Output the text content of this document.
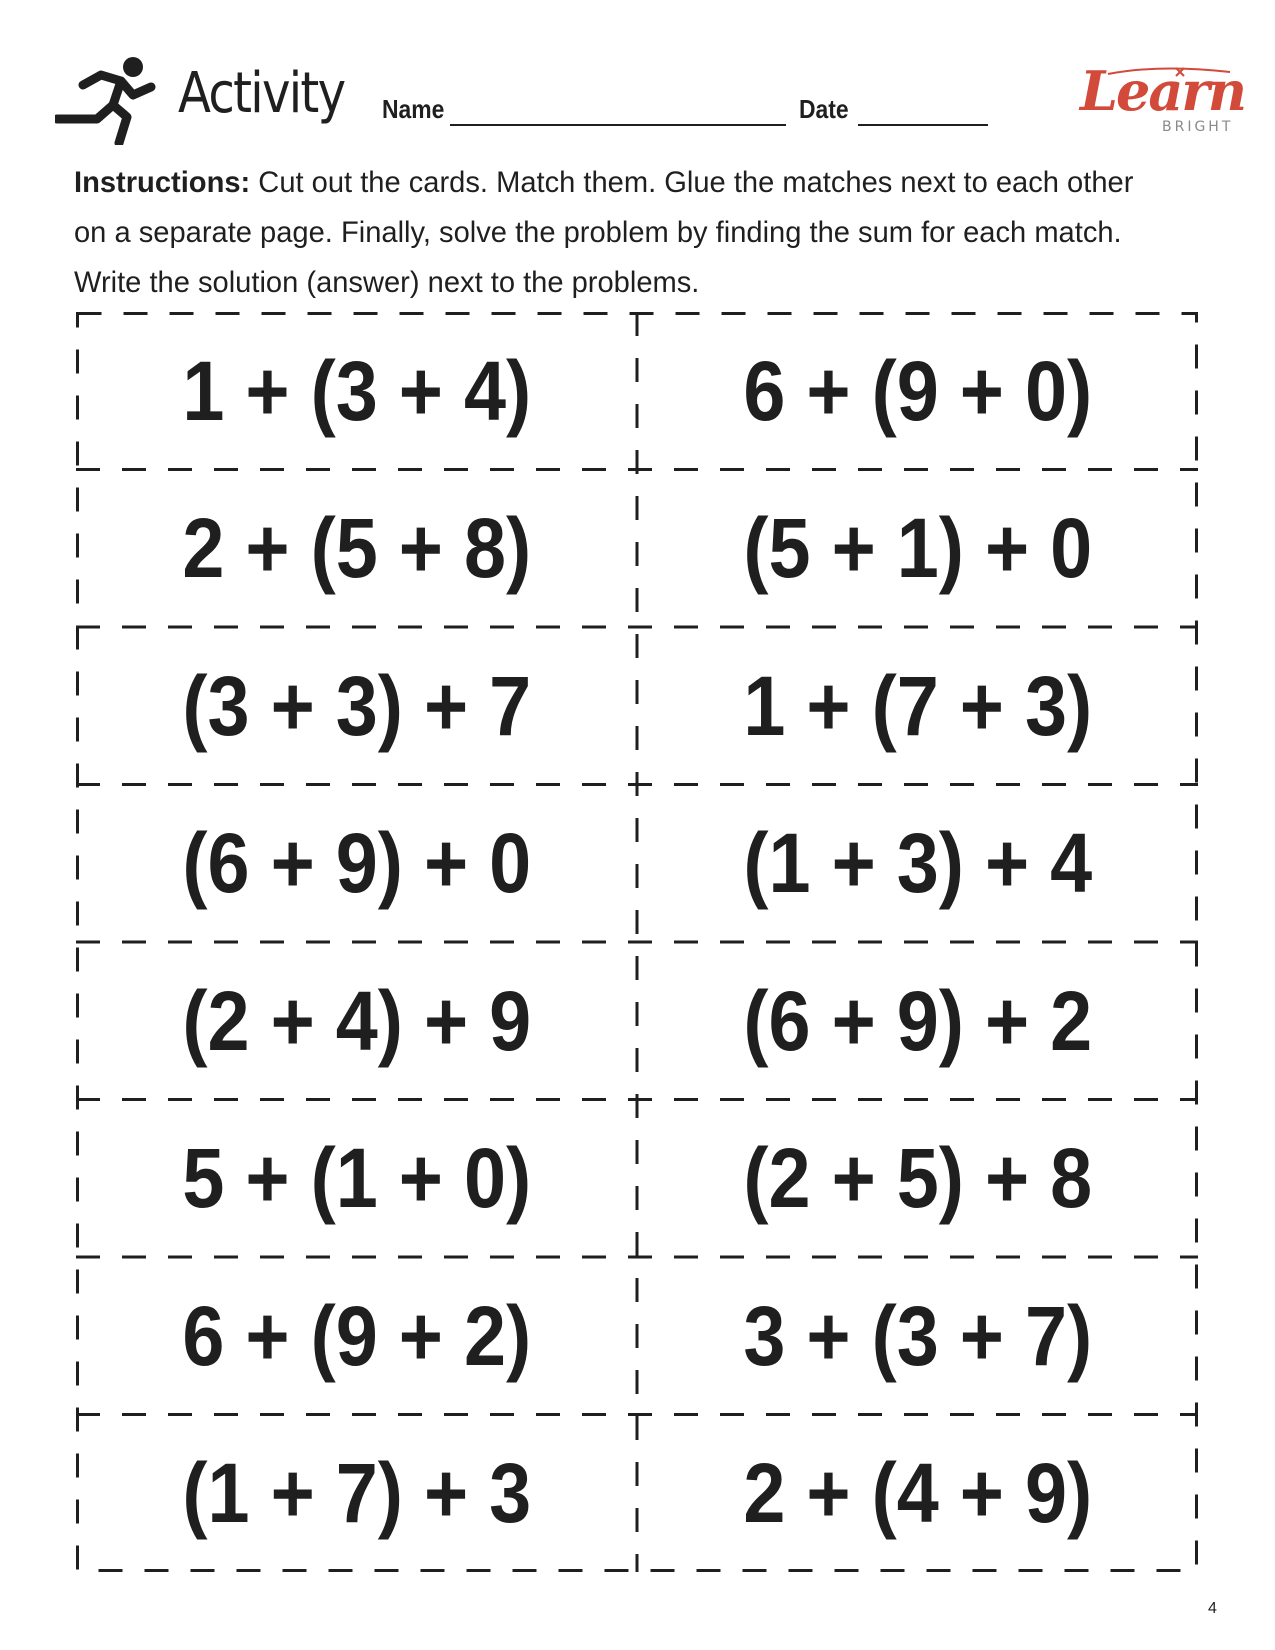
Activity Name	Date	Learn
BRIGHT
Instructions: Cut out the cards. Match them. Glue the matches next to each other on a separate page. Finally, solve the problem by finding the sum for each match. Write the solution (answer) next to the problems.
1 + (3 + 4)	6 + (9 + 0)
2 + (5 + 8)	(5 + 1) + 0
(3 + 3) + 7	1 + (7 + 3)
(6 + 9) + 0	(1 + 3) + 4
(2 + 4) + 9	(6 + 9) + 2
5 + (1 + 0)	(2 + 5) + 8
6 + (9 + 2)	3 + (3 + 7)
(1 + 7) + 3	2 + (4 + 9)
4
